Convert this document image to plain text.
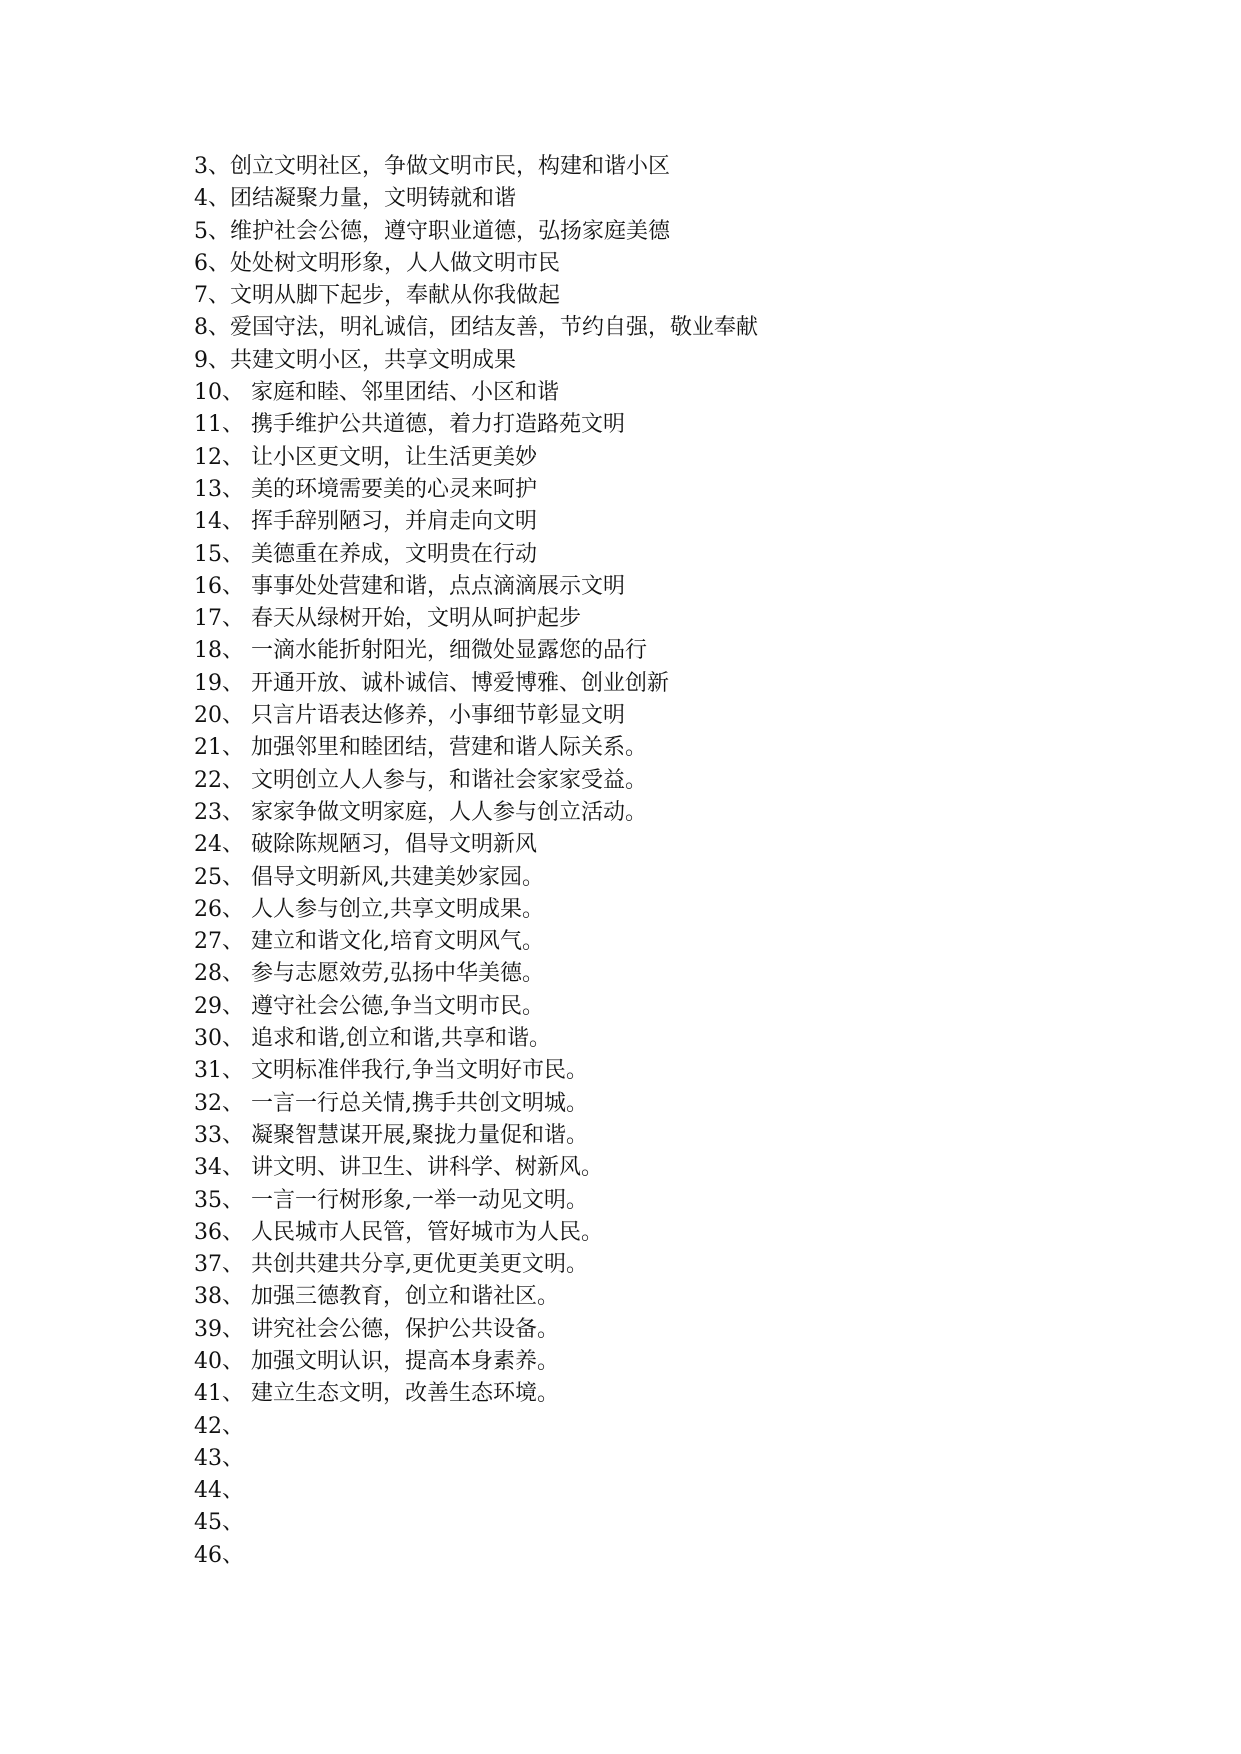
3、创立文明社区，争做文明市民，构建和谐小区
4、团结凝聚力量，文明铸就和谐
5、维护社会公德，遵守职业道德，弘扬家庭美德
6、处处树文明形象，人人做文明市民
7、文明从脚下起步，奉献从你我做起
8、爱国守法，明礼诚信，团结友善，节约自强，敬业奉献
9、共建文明小区，共享文明成果
10、 家庭和睦、邻里团结、小区和谐
11、 携手维护公共道德，着力打造路苑文明
12、 让小区更文明，让生活更美妙
13、 美的环境需要美的心灵来呵护
14、 挥手辞别陋习，并肩走向文明
15、 美德重在养成，文明贵在行动
16、 事事处处营建和谐，点点滴滴展示文明
17、 春天从绿树开始，文明从呵护起步
18、 一滴水能折射阳光，细微处显露您的品行
19、 开通开放、诚朴诚信、博爱博雅、创业创新
20、 只言片语表达修养，小事细节彰显文明
21、 加强邻里和睦团结，营建和谐人际关系。
22、 文明创立人人参与，和谐社会家家受益。
23、 家家争做文明家庭，人人参与创立活动。
24、 破除陈规陋习，倡导文明新风
25、 倡导文明新风,共建美妙家园。
26、 人人参与创立,共享文明成果。
27、 建立和谐文化,培育文明风气。
28、 参与志愿效劳,弘扬中华美德。
29、 遵守社会公德,争当文明市民。
30、 追求和谐,创立和谐,共享和谐。
31、 文明标准伴我行,争当文明好市民。
32、 一言一行总关情,携手共创文明城。
33、 凝聚智慧谋开展,聚拢力量促和谐。
34、 讲文明、讲卫生、讲科学、树新风。
35、 一言一行树形象,一举一动见文明。
36、 人民城市人民管，管好城市为人民。
37、 共创共建共分享,更优更美更文明。
38、 加强三德教育，创立和谐社区。
39、 讲究社会公德，保护公共设备。
40、 加强文明认识，提高本身素养。
41、 建立生态文明，改善生态环境。
42、
43、
44、
45、
46、
